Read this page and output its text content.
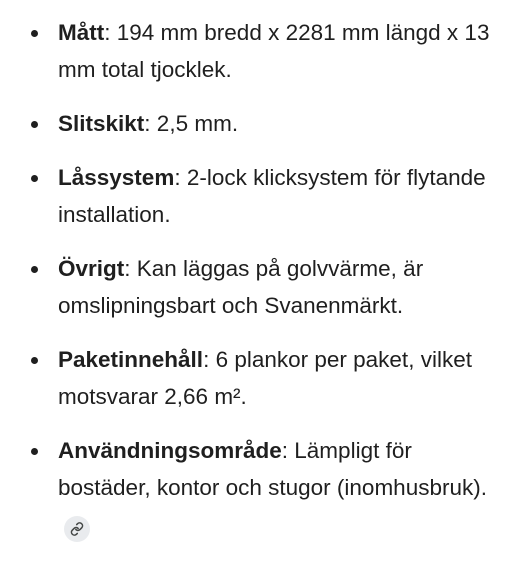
Mått: 194 mm bredd x 2281 mm längd x 13 mm total tjocklek.
Slitskikt: 2,5 mm.
Låssystem: 2-lock klicksystem för flytande installation.
Övrigt: Kan läggas på golvvärme, är omslipningsbart och Svanenmärkt.
Paketinnehåll: 6 plankor per paket, vilket motsvarar 2,66 m².
Användningsområde: Lämpligt för bostäder, kontor och stugor (inomhusbruk).
